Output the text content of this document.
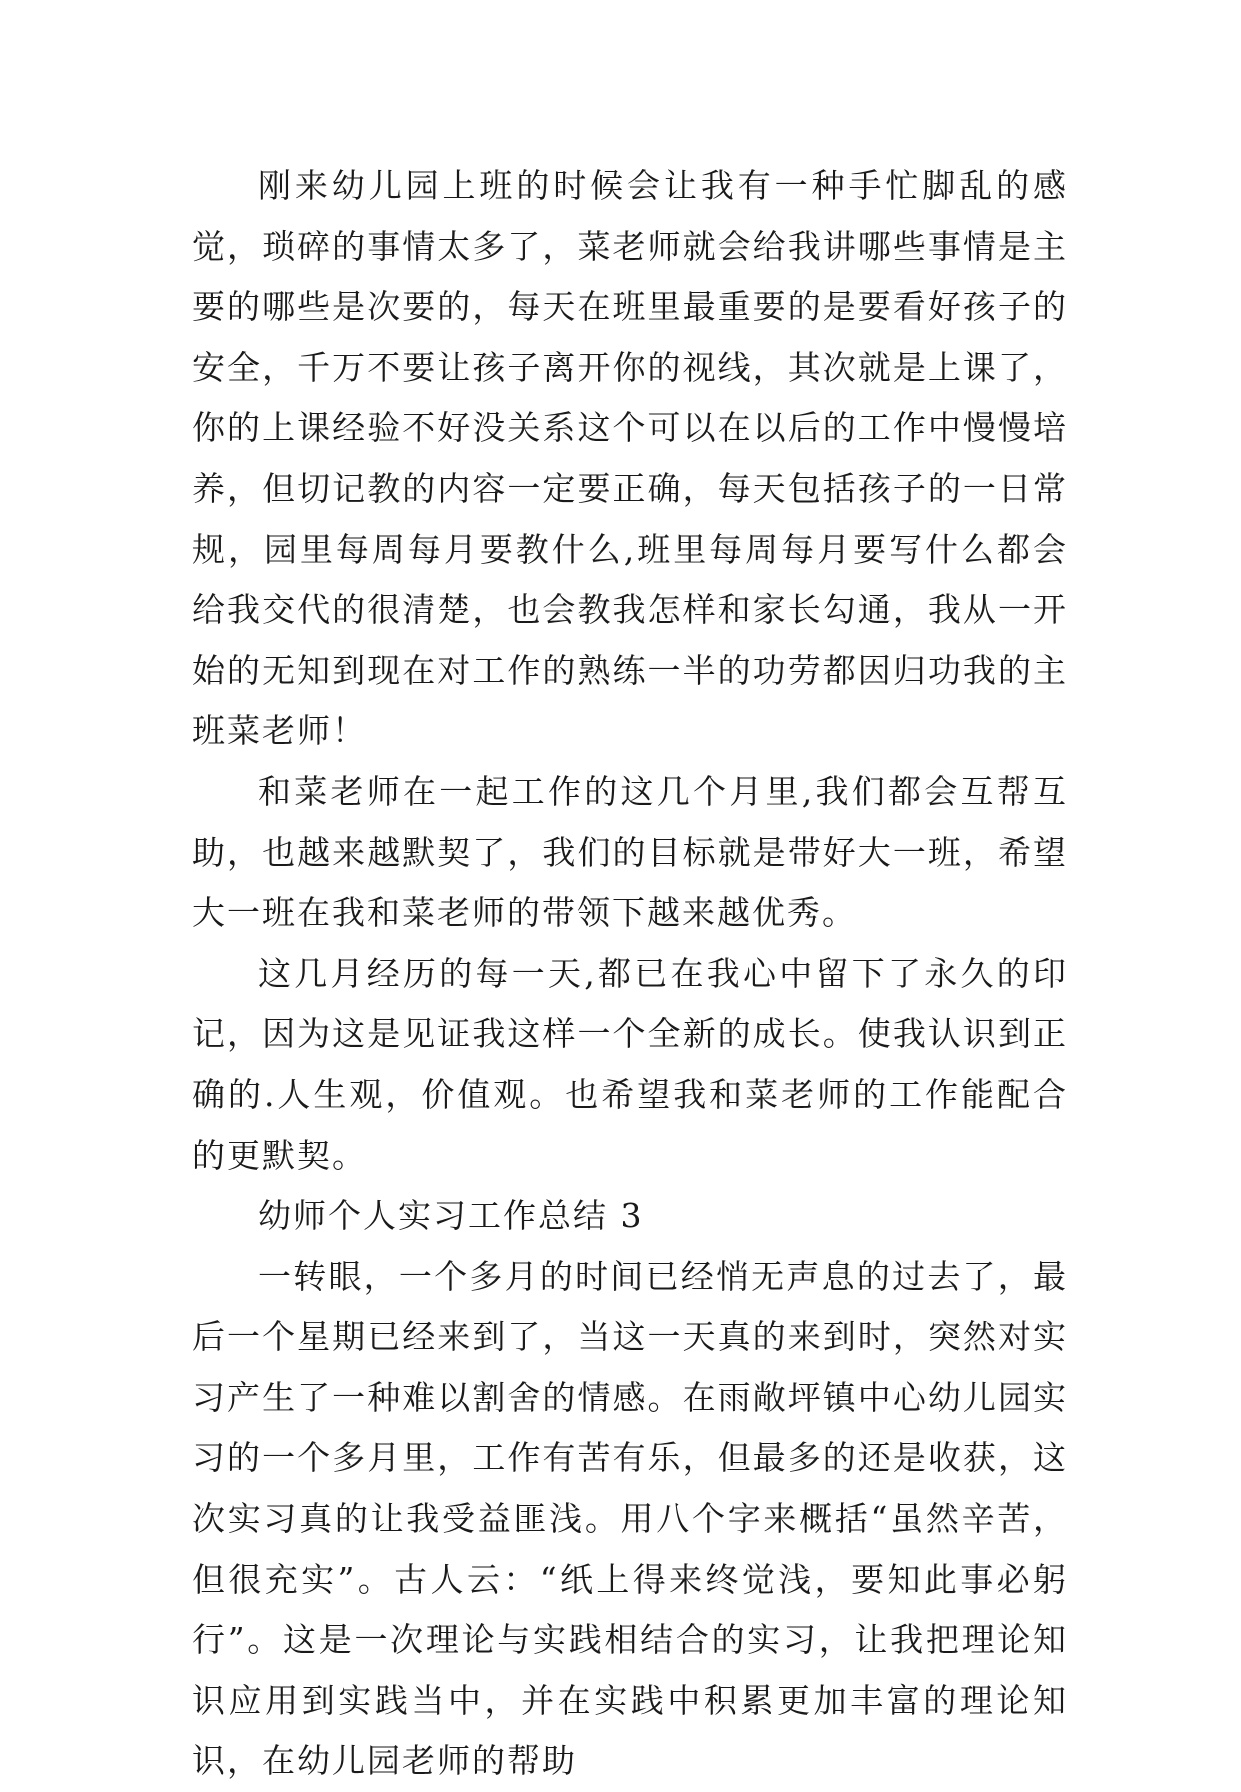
刚来幼儿园上班的时候会让我有一种手忙脚乱的感觉，琐碎的事情太多了，菜老师就会给我讲哪些事情是主要的哪些是次要的，每天在班里最重要的是要看好孩子的安全，千万不要让孩子离开你的视线，其次就是上课了，你的上课经验不好没关系这个可以在以后的工作中慢慢培养，但切记教的内容一定要正确，每天包括孩子的一日常规，园里每周每月要教什么,班里每周每月要写什么都会给我交代的很清楚，也会教我怎样和家长勾通，我从一开始的无知到现在对工作的熟练一半的功劳都因归功我的主班菜老师！

和菜老师在一起工作的这几个月里,我们都会互帮互助，也越来越默契了，我们的目标就是带好大一班，希望大一班在我和菜老师的带领下越来越优秀。

这几月经历的每一天,都已在我心中留下了永久的印记，因为这是见证我这样一个全新的成长。使我认识到正确的.人生观，价值观。也希望我和菜老师的工作能配合的更默契。

幼师个人实习工作总结 3

一转眼，一个多月的时间已经悄无声息的过去了，最后一个星期已经来到了，当这一天真的来到时，突然对实习产生了一种难以割舍的情感。在雨敞坪镇中心幼儿园实习的一个多月里，工作有苦有乐，但最多的还是收获，这次实习真的让我受益匪浅。用八个字来概括“虽然辛苦，但很充实”。古人云：“纸上得来终觉浅，要知此事必躬行”。这是一次理论与实践相结合的实习，让我把理论知识应用到实践当中，并在实践中积累更加丰富的理论知识，在幼儿园老师的帮助
